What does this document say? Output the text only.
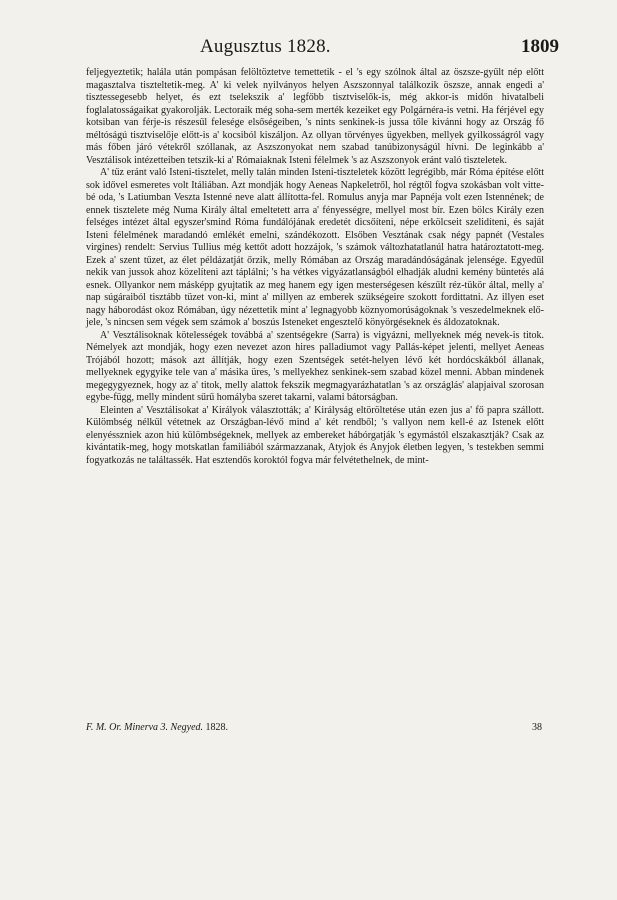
Augusztus 1828.	1809

feljegyeztetik; halála után pompásan felöltöztetve temettetik - el 's egy szólnok által az öszsze-gyűlt nép előtt magasztalva tiszteltetik-meg. A' ki velek nyilványos helyen Aszszonnyal találkozik öszsze, annak engedi a' tisztessegesebb helyet, és ezt tselekszik a' legfőbb tisztviselők-is, még akkor-is midőn hivatalbeli foglalatosságaikat gyakorolják. Lectoraik még soha-sem merték kezeiket egy Polgárnéra-is vetni. Ha férjével egy kotsiban van férje-is részesűl felesége elsőségeiben, 's nints senkinek-is jussa tőle kivánni hogy az Ország fő méltóságú tisztviselője előtt-is a' kocsiból kiszáljon. Az ollyan törvényes ügyekben, mellyek gyilkosságról vagy más főben járó vétekről szóllanak, az Aszszonyokat nem szabad tanúbizonyságúl hívni. De leginkább a' Vesztálisok intézetteiben tetszik-ki a' Rómaiaknak Isteni félelmek 's az Aszszonyok eránt való tiszteletek.

A' tűz eránt való Isteni-tisztelet, melly talán minden Isteni-tiszteletek között legrégibb, már Róma építése előtt sok idővel esmeretes volt Itáliában. Azt mondják hogy Aeneas Napkeletről, hol régtől fogva szokásban volt vitte-bé oda, 's Latiumban Veszta Istenné neve alatt állította-fel. Romulus anyja mar Papnéja volt ezen Istennének; de ennek tisztelete még Numa Király által emeltetett arra a' fényességre, mellyel most bír. Ezen bölcs Király ezen felséges intézet által egyszer'smind Róma fundálójának eredetét dicsőíteni, népe erkölcseit szelidíteni, és saját Isteni félelmének maradandó emlékét emelni, szándékozott. Elsőben Vesztának csak négy papnét (Vestales virgines) rendelt: Servius Tullius még kettőt adott hozzájok, 's számok változhatatlanúl hatra határoztatott-meg. Ezek a' szent tűzet, az élet példázatját őrzik, melly Rómában az Ország maradándóságának jelensége. Egyedűl nekik van jussok ahoz közelíteni azt táplálni; 's ha vétkes vigyázatlanságból elhadják aludni kemény büntetés alá esnek. Ollyankor nem másképp gyujtatik az meg hanem egy igen mesterségesen készűlt réz-tükör által, melly a' nap súgáraiból tisztább tüzet von-ki, mint a' millyen az emberek szükségeire szokott fordittatni. Az illyen eset nagy háborodást okoz Rómában, úgy nézettetik mint a' legnagyobb köznyomorúságoknak 's veszedelmeknek elő-jele, 's nincsen sem végek sem számok a' boszús Isteneket engesztelő könyörgéseknek és áldozatoknak.

A' Vesztálisoknak kötelességek továbbá a' szentségekre (Sarra) is vigyázni, mellyeknek még nevek-is titok. Némelyek azt mondják, hogy ezen nevezet azon hires palladiumot vagy Pallás-képet jelenti, mellyet Aeneas Trójából hozott; mások azt állítják, hogy ezen Szentségek setét-helyen lévő két hordócskákból állanak, mellyeknek egygyike tele van a' másika üres, 's mellyekhez senkinek-sem szabad közel menni. Abban mindenek megegygyeznek, hogy az a' titok, melly alattok fekszik megmagyarázhatatlan 's az országlás' alapjaival szorosan egybe-függ, melly mindent sűrű homályba szeret takarni, valami bátorságban.

Eleinten a' Vesztálisokat a' Királyok választották; a' Királyság eltöröltetése után ezen jus a' fő papra szállott. Külömbség nélkűl vétetnek az Országban-lévő mind a' két rendből; 's vallyon nem kell-é az Istenek előtt elenyésszniek azon hiú külömbségeknek, mellyek az embereket hábórgatják 's egymástól elszakasztják? Csak az kivántatik-meg, hogy motskatlan familiából származzanak, Atyjok és Anyjok életben legyen, 's testekben semmi fogyatkozás ne találtassék. Hat esztendős koroktól fogva már felvétethelnek, de mint-

F. M. Or. Minerva 3. Negyed. 1828.	38
